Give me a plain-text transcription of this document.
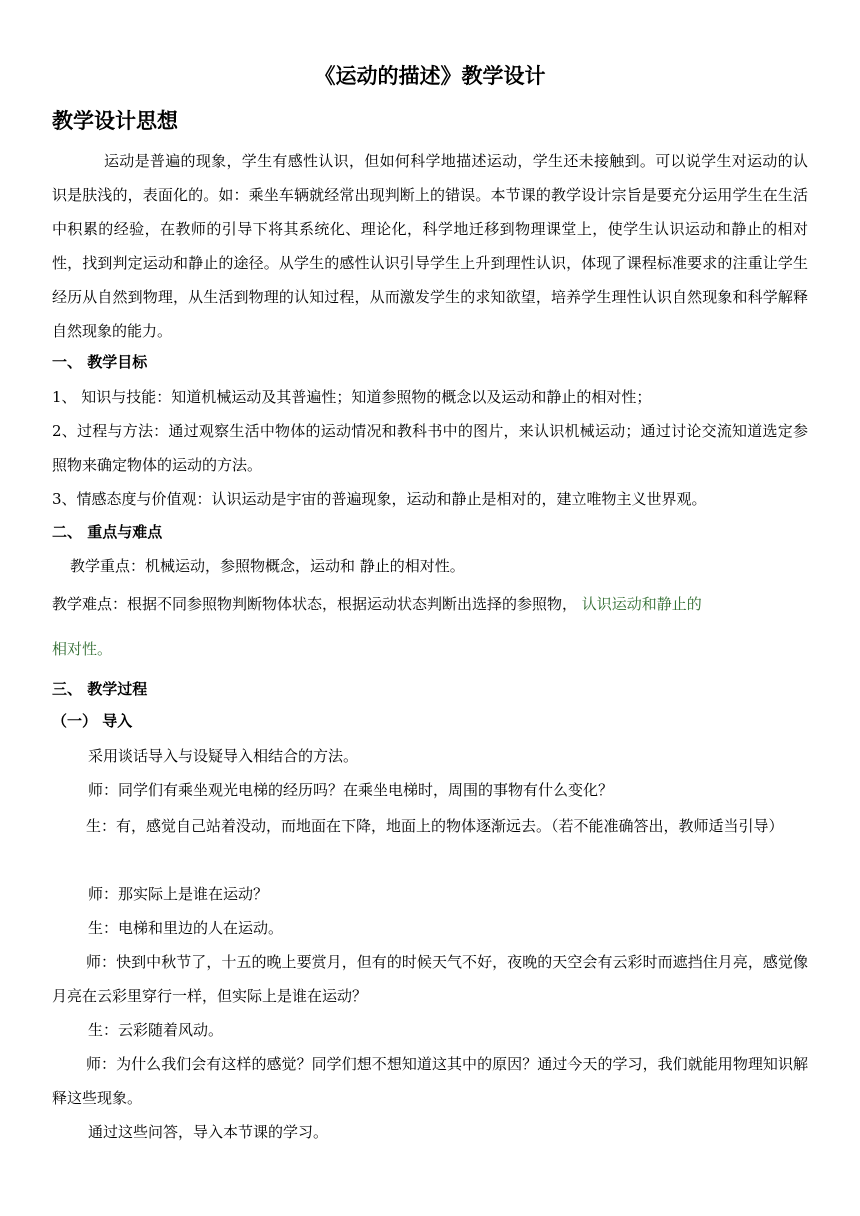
《运动的描述》教学设计
教学设计思想
运动是普遍的现象，学生有感性认识，但如何科学地描述运动，学生还未接触到。可以说学生对运动的认识是肤浅的，表面化的。如：乘坐车辆就经常出现判断上的错误。本节课的教学设计宗旨是要充分运用学生在生活中积累的经验，在教师的引导下将其系统化、理论化，科学地迁移到物理课堂上，使学生认识运动和静止的相对性，找到判定运动和静止的途径。从学生的感性认识引导学生上升到理性认识，体现了课程标准要求的注重让学生经历从自然到物理，从生活到物理的认知过程，从而激发学生的求知欲望，培养学生理性认识自然现象和科学解释自然现象的能力。
一、 教学目标
1、 知识与技能：知道机械运动及其普遍性；知道参照物的概念以及运动和静止的相对性；
2、过程与方法：通过观察生活中物体的运动情况和教科书中的图片，来认识机械运动；通过讨论交流知道选定参照物来确定物体的运动的方法。
3、情感态度与价值观：认识运动是宇宙的普遍现象，运动和静止是相对的，建立唯物主义世界观。
二、 重点与难点
教学重点：机械运动，参照物概念，运动和 静止的相对性。
教学难点：根据不同参照物判断物体状态，根据运动状态判断出选择的参照物， 认识运动和静止的
相对性。
三、 教学过程
（一） 导入
采用谈话导入与设疑导入相结合的方法。
师：同学们有乘坐观光电梯的经历吗？在乘坐电梯时，周围的事物有什么变化？
生：有，感觉自己站着没动，而地面在下降，地面上的物体逐渐远去。（若不能准确答出，教师适当引导）
师：那实际上是谁在运动？
生：电梯和里边的人在运动。
师：快到中秋节了，十五的晚上要赏月，但有的时候天气不好，夜晚的天空会有云彩时而遮挡住月亮，感觉像月亮在云彩里穿行一样，但实际上是谁在运动？
生：云彩随着风动。
师：为什么我们会有这样的感觉？同学们想不想知道这其中的原因？通过今天的学习，我们就能用物理知识解释这些现象。
通过这些问答，导入本节课的学习。
